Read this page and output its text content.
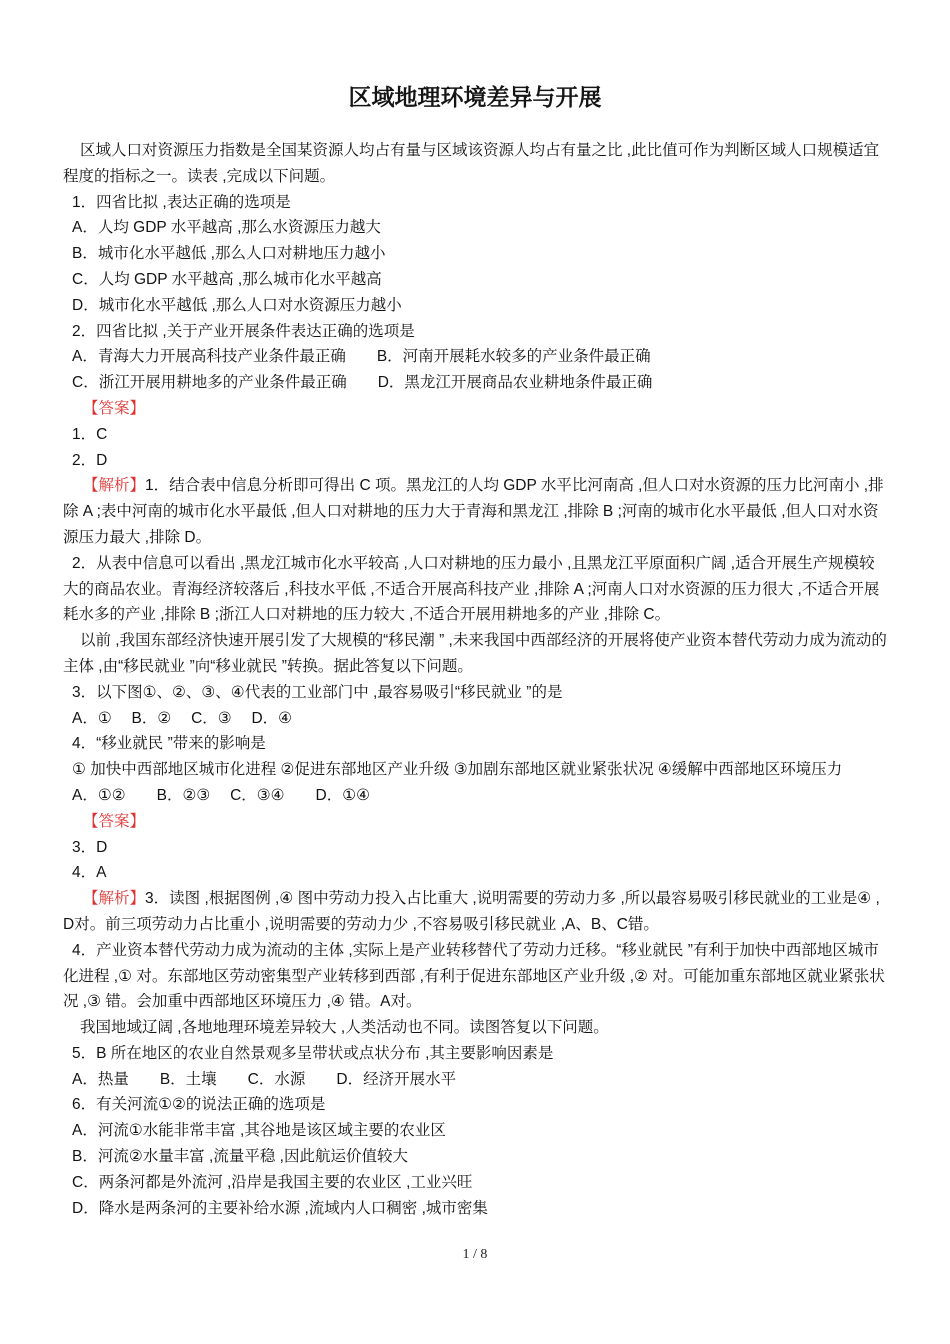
区域地理环境差异与开展
区域人口对资源压力指数是全国某资源人均占有量与区域该资源人均占有量之比 ,此比值可作为判断区域人口规模适宜程度的指标之一。读表 ,完成以下问题。
1．四省比拟 ,表达正确的选项是
A．人均 GDP 水平越高 ,那么水资源压力越大
B．城市化水平越低 ,那么人口对耕地压力越小
C．人均 GDP 水平越高 ,那么城市化水平越高
D．城市化水平越低 ,那么人口对水资源压力越小
2．四省比拟 ,关于产业开展条件表达正确的选项是
A．青海大力开展高科技产业条件最正确　　B．河南开展耗水较多的产业条件最正确
C．浙江开展用耕地多的产业条件最正确　　D．黑龙江开展商品农业耕地条件最正确
【答案】
1．C
2．D
【解析】1．结合表中信息分析即可得出 C 项。黑龙江的人均 GDP 水平比河南高 ,但人口对水资源的压力比河南小 ,排除 A ;表中河南的城市化水平最低 ,但人口对耕地的压力大于青海和黑龙江 ,排除 B ;河南的城市化水平最低 ,但人口对水资源压力最大 ,排除 D。
2．从表中信息可以看出 ,黑龙江城市化水平较高 ,人口对耕地的压力最小 ,且黑龙江平原面积广阔 ,适合开展生产规模较大的商品农业。青海经济较落后 ,科技水平低 ,不适合开展高科技产业 ,排除 A ;河南人口对水资源的压力很大 ,不适合开展耗水多的产业 ,排除 B ;浙江人口对耕地的压力较大 ,不适合开展用耕地多的产业 ,排除 C。
以前 ,我国东部经济快速开展引发了大规模的“移民潮 ” ,未来我国中西部经济的开展将使产业资本替代劳动力成为流动的主体 ,由“移民就业 ”向“移业就民 ”转换。据此答复以下问题。
3．以下图①、②、③、④代表的工业部门中 ,最容易吸引“移民就业 ”的是
A．①　 B．②　 C．③　 D．④
4．“移业就民 ”带来的影响是
① 加快中西部地区城市化进程 ②促进东部地区产业升级 ③加剧东部地区就业紧张状况 ④缓解中西部地区环境压力
A．①②　　B．②③　 C．③④　　D．①④
【答案】
3．D
4．A
【解析】3．读图 ,根据图例 ,④ 图中劳动力投入占比重大 ,说明需要的劳动力多 ,所以最容易吸引移民就业的工业是④ ,D对。前三项劳动力占比重小 ,说明需要的劳动力少 ,不容易吸引移民就业 ,A、B、C错。
4．产业资本替代劳动力成为流动的主体 ,实际上是产业转移替代了劳动力迁移。“移业就民 ”有利于加快中西部地区城市化进程 ,① 对。东部地区劳动密集型产业转移到西部 ,有利于促进东部地区产业升级 ,② 对。可能加重东部地区就业紧张状况 ,③ 错。会加重中西部地区环境压力 ,④ 错。A对。
我国地域辽阔 ,各地地理环境差异较大 ,人类活动也不同。读图答复以下问题。
5．B 所在地区的农业自然景观多呈带状或点状分布 ,其主要影响因素是
A．热量　　B．土壤　　C．水源　　D．经济开展水平
6．有关河流①②的说法正确的选项是
A．河流①水能非常丰富 ,其谷地是该区域主要的农业区
B．河流②水量丰富 ,流量平稳 ,因此航运价值较大
C．两条河都是外流河 ,沿岸是我国主要的农业区 ,工业兴旺
D．降水是两条河的主要补给水源 ,流域内人口稠密 ,城市密集
1 / 8
